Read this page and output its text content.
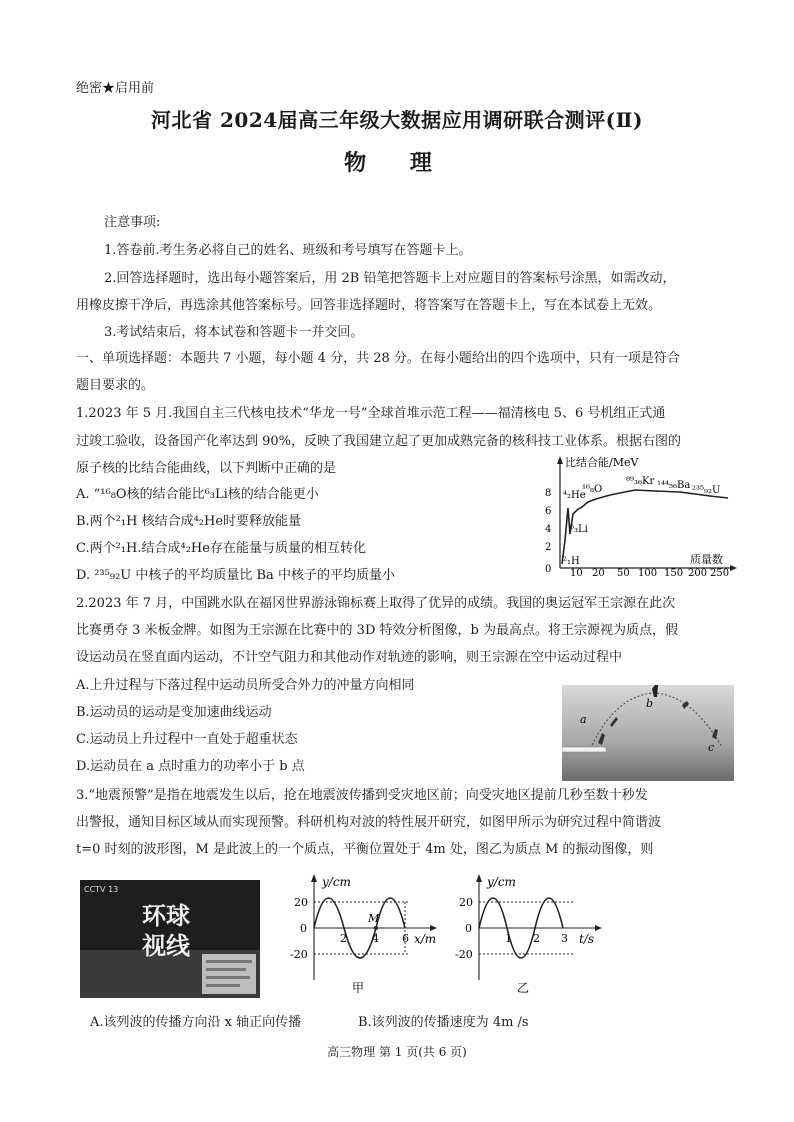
绝密★启用前
河北省 2024届高三年级大数据应用调研联合测评(Ⅱ)
物 理
注意事项:
1.答卷前.考生务必将自己的姓名、班级和考号填写在答题卡上。
2.回答选择题时，选出每小题答案后，用 2B 铅笔把答题卡上对应题目的答案标号涂黑，如需改动，
用橡皮擦干净后，再选涂其他答案标号。回答非选择题时，将答案写在答题卡上，写在本试卷上无效。
3.考试结束后，将本试卷和答题卡一并交回。
一、单项选择题：本题共 7 小题，每小题 4 分，共 28 分。在每小题给出的四个选项中，只有一项是符合
题目要求的。
1.2023 年 5 月.我国自主三代核电技术“华龙一号”全球首堆示范工程——福清核电 5、6 号机组正式通
过竣工验收，设备国产化率达到 90%，反映了我国建立起了更加成熟完备的核科技工业体系。根据右图的
原子核的比结合能曲线，以下判断中正确的是
A. “¹⁶₈O核的结合能比⁶₃Li核的结合能更小
B.两个²₁H 核结合成⁴₂He时要释放能量
C.两个²₁H.结合成⁴₂He存在能量与质量的相互转化
D. ²³⁵₉₂U 中核子的平均质量比 Ba 中核子的平均质量小
比结合能/MeV
质量数
8
6
4
2
0 10 20 50 100 150 200 250
⁴₂He
¹⁶₈O
⁸⁹₃₆Kr ¹⁴⁴₅₆Ba ²³⁵₉₂U
⁶₃Li
²₁H
2.2023 年 7 月，中国跳水队在福冈世界游泳锦标赛上取得了优异的成绩。我国的奥运冠军王宗源在此次
比赛勇夺 3 米板金牌。如图为王宗源在比赛中的 3D 特效分析图像，b 为最高点。将王宗源视为质点，假
设运动员在竖直面内运动，不计空气阻力和其他动作对轨迹的影响，则王宗源在空中运动过程中
A.上升过程与下落过程中运动员所受合外力的冲量方向相同
B.运动员的运动是变加速曲线运动
C.运动员上升过程中一直处于超重状态
D.运动员在 a 点时重力的功率小于 b 点
a
b
c
3.“地震预警”是指在地震发生以后，抢在地震波传播到受灾地区前；向受灾地区提前几秒至数十秒发
出警报，通知目标区域从而实现预警。科研机构对波的特性展开研究，如图甲所示为研究过程中简谐波
t=0 时刻的波形图，M 是此波上的一个质点，平衡位置处于 4m 处，图乙为质点 M 的振动图像，则
CCTV 13
环球
视线
y/cm
x/m
M
20
0
-20
2 4 6
甲
y/cm
t/s
20
0
-20
1 2 3
乙
A.该列波的传播方向沿 x 轴正向传播	B.该列波的传播速度为 4m /s
高三物理 第 1 页(共 6 页)
